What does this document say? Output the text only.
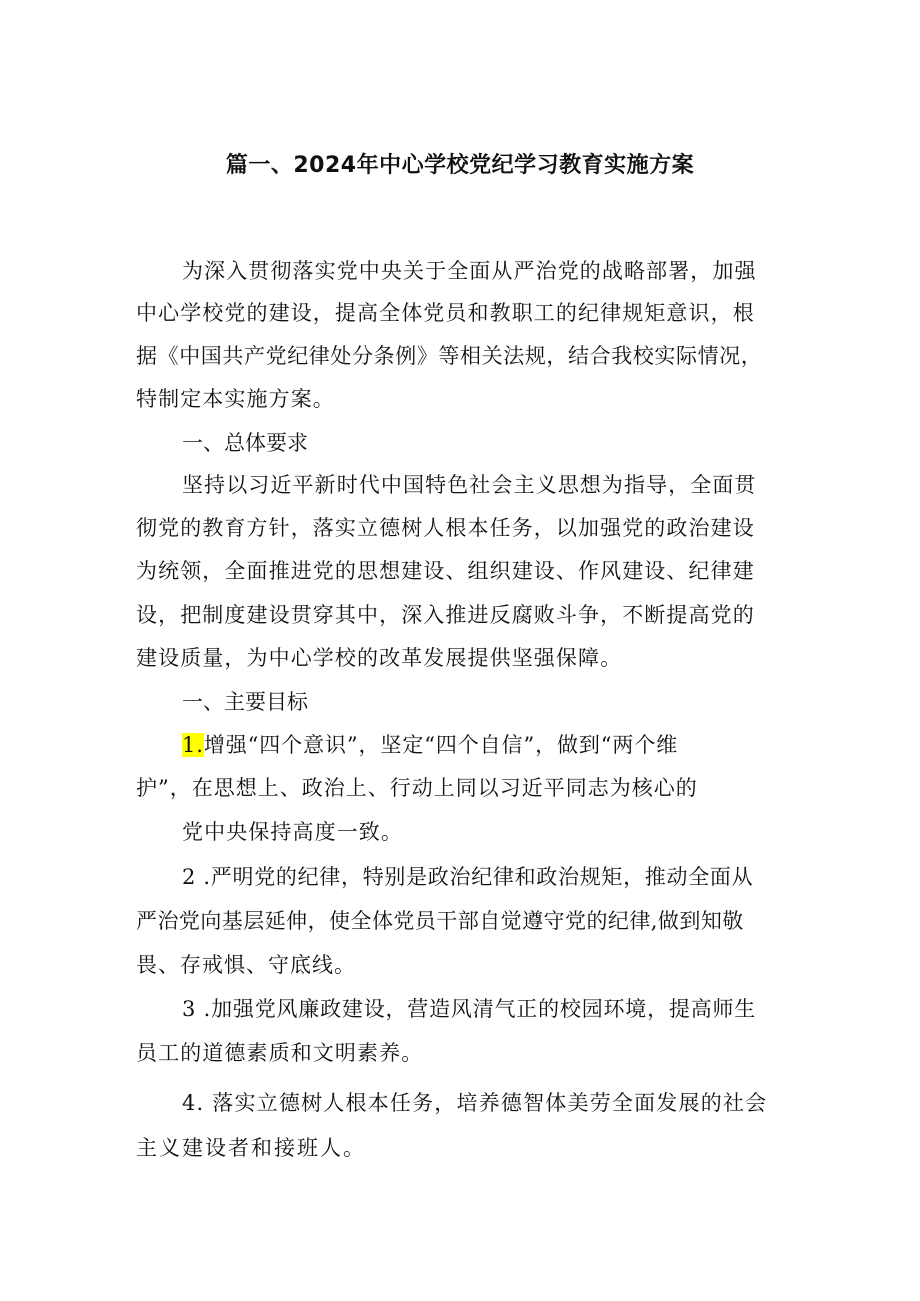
篇一、2024年中心学校党纪学习教育实施方案
为深入贯彻落实党中央关于全面从严治党的战略部署，加强
中心学校党的建设，提高全体党员和教职工的纪律规矩意识，根
据《中国共产党纪律处分条例》等相关法规，结合我校实际情况，
特制定本实施方案。
一、总体要求
坚持以习近平新时代中国特色社会主义思想为指导，全面贯
彻党的教育方针，落实立德树人根本任务，以加强党的政治建设
为统领，全面推进党的思想建设、组织建设、作风建设、纪律建
设，把制度建设贯穿其中，深入推进反腐败斗争，不断提高党的
建设质量，为中心学校的改革发展提供坚强保障。
一、主要目标
1.增强“四个意识”，坚定“四个自信”，做到“两个维
护”，在思想上、政治上、行动上同以习近平同志为核心的
党中央保持高度一致。
2 .严明党的纪律，特别是政治纪律和政治规矩，推动全面从
严治党向基层延伸，使全体党员干部自觉遵守党的纪律,做到知敬
畏、存戒惧、守底线。
3 .加强党风廉政建设，营造风清气正的校园环境，提高师生
员工的道德素质和文明素养。
4. 落实立德树人根本任务，培养德智体美劳全面发展的社会
主义建设者和接班人。
